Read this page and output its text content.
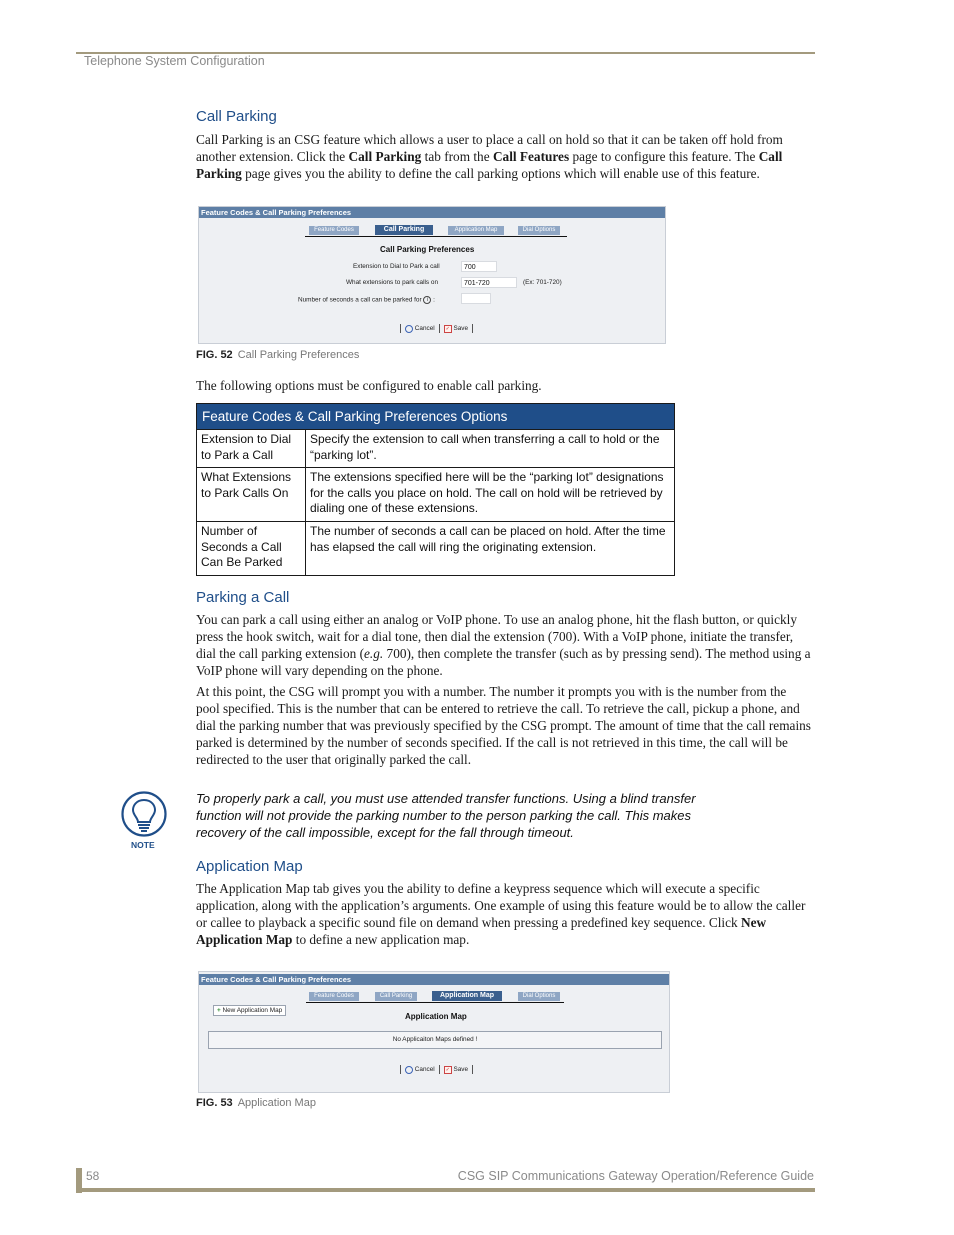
Telephone System Configuration
Call Parking

Call Parking is an CSG feature which allows a user to place a call on hold so that it can be taken off hold from another extension. Click the Call Parking tab from the Call Features page to configure this feature. The Call Parking page gives you the ability to define the call parking options which will enable use of this feature.

Feature Codes & Call Parking Preferences
Feature Codes	Call Parking	Application Map	Dial Options
Call Parking Preferences
Extension to Dial to Park a call	700
What extensions to park calls on	701-720	(Ex: 701-720)
Number of seconds a call can be parked for i :
Cancel ✓ Save
FIG. 52 Call Parking Preferences

The following options must be configured to enable call parking.

Feature Codes & Call Parking Preferences Options	
Extension to Dial to Park a Call	Specify the extension to call when transferring a call to hold or the “parking lot”.
What Extensions to Park Calls On	The extensions specified here will be the “parking lot” designations for the calls you place on hold. The call on hold will be retrieved by dialing one of these extensions.
Number of Seconds a Call Can Be Parked	The number of seconds a call can be placed on hold. After the time has elapsed the call will ring the originating extension.
Parking a Call

You can park a call using either an analog or VoIP phone. To use an analog phone, hit the flash button, or quickly press the hook switch, wait for a dial tone, then dial the extension (700). With a VoIP phone, initiate the transfer, dial the call parking extension (e.g. 700), then complete the transfer (such as by pressing send). The method using a VoIP phone will vary depending on the phone.

At this point, the CSG will prompt you with a number. The number it prompts you with is the number from the pool specified. This is the number that can be entered to retrieve the call. To retrieve the call, pickup a phone, and dial the parking number that was previously specified by the CSG prompt. The amount of time that the call remains parked is determined by the number of seconds specified. If the call is not retrieved in this time, the call will be redirected to the user that originally parked the call.

NOTE
To properly park a call, you must use attended transfer functions. Using a blind transfer function will not provide the parking number to the person parking the call. This makes recovery of the call impossible, except for the fall through timeout.
Application Map

The Application Map tab gives you the ability to define a keypress sequence which will execute a specific application, along with the application’s arguments. One example of using this feature would be to allow the caller or callee to playback a specific sound file on demand when pressing a predefined key sequence. Click New Application Map to define a new application map.

Feature Codes & Call Parking Preferences
Feature Codes	Call Parking	Application Map	Dial Options
+ New Application Map
Application Map
No Applicaiton Maps defined !
Cancel ✓ Save
FIG. 53 Application Map
58	CSG SIP Communications Gateway Operation/Reference Guide
